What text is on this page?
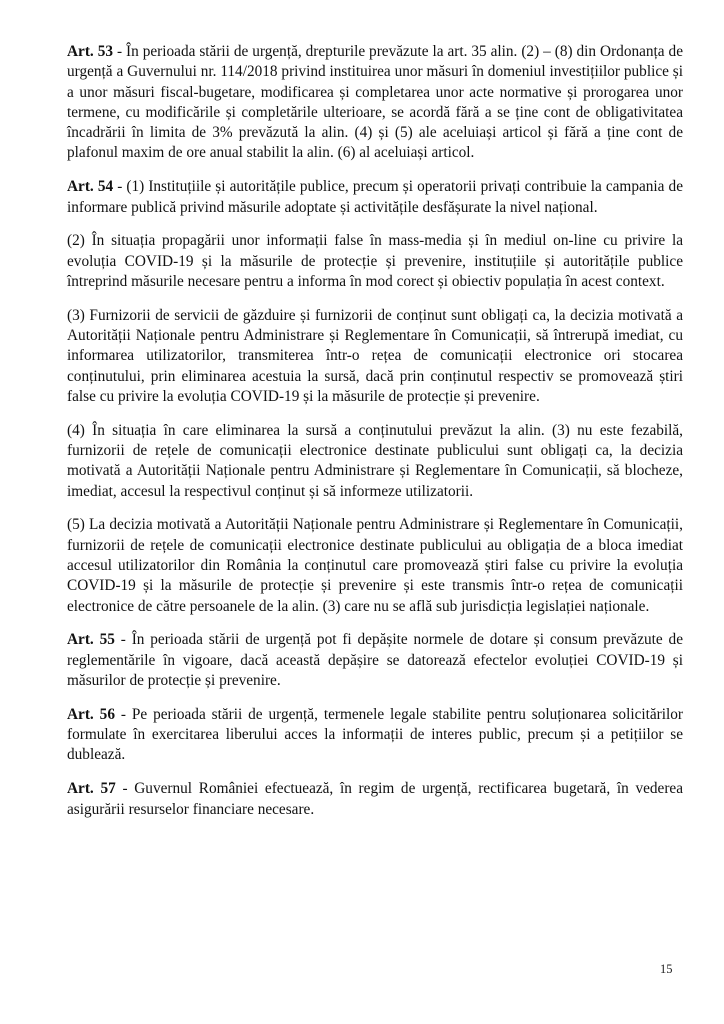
Art. 53 - În perioada stării de urgență, drepturile prevăzute la art. 35 alin. (2) – (8) din Ordonanța de urgență a Guvernului nr. 114/2018 privind instituirea unor măsuri în domeniul investițiilor publice și a unor măsuri fiscal-bugetare, modificarea și completarea unor acte normative și prorogarea unor termene, cu modificările și completările ulterioare, se acordă fără a se ține cont de obligativitatea încadrării în limita de 3% prevăzută la alin. (4) și (5) ale aceluiași articol și fără a ține cont de plafonul maxim de ore anual stabilit la alin. (6) al aceluiași articol.

Art. 54 - (1) Instituțiile și autoritățile publice, precum și operatorii privați contribuie la campania de informare publică privind măsurile adoptate și activitățile desfășurate la nivel național.

(2) În situația propagării unor informații false în mass-media și în mediul on-line cu privire la evoluția COVID-19 și la măsurile de protecție și prevenire, instituțiile și autoritățile publice întreprind măsurile necesare pentru a informa în mod corect și obiectiv populația în acest context.

(3) Furnizorii de servicii de găzduire și furnizorii de conținut sunt obligați ca, la decizia motivată a Autorității Naționale pentru Administrare și Reglementare în Comunicații, să întrerupă imediat, cu informarea utilizatorilor, transmiterea într-o rețea de comunicații electronice ori stocarea conținutului, prin eliminarea acestuia la sursă, dacă prin conținutul respectiv se promovează știri false cu privire la evoluția COVID-19 și la măsurile de protecție și prevenire.

(4) În situația în care eliminarea la sursă a conținutului prevăzut la alin. (3) nu este fezabilă, furnizorii de rețele de comunicații electronice destinate publicului sunt obligați ca, la decizia motivată a Autorității Naționale pentru Administrare și Reglementare în Comunicații, să blocheze, imediat, accesul la respectivul conținut și să informeze utilizatorii.

(5) La decizia motivată a Autorității Naționale pentru Administrare și Reglementare în Comunicații, furnizorii de rețele de comunicații electronice destinate publicului au obligația de a bloca imediat accesul utilizatorilor din România la conținutul care promovează știri false cu privire la evoluția COVID-19 și la măsurile de protecție și prevenire și este transmis într-o rețea de comunicații electronice de către persoanele de la alin. (3) care nu se află sub jurisdicția legislației naționale.

Art. 55 - În perioada stării de urgență pot fi depășite normele de dotare și consum prevăzute de reglementările în vigoare, dacă această depășire se datorează efectelor evoluției COVID-19 și măsurilor de protecție și prevenire.

Art. 56 - Pe perioada stării de urgență, termenele legale stabilite pentru soluționarea solicitărilor formulate în exercitarea liberului acces la informații de interes public, precum și a petițiilor se dublează.

Art. 57 - Guvernul României efectuează, în regim de urgență, rectificarea bugetară, în vederea asigurării resurselor financiare necesare.

15
